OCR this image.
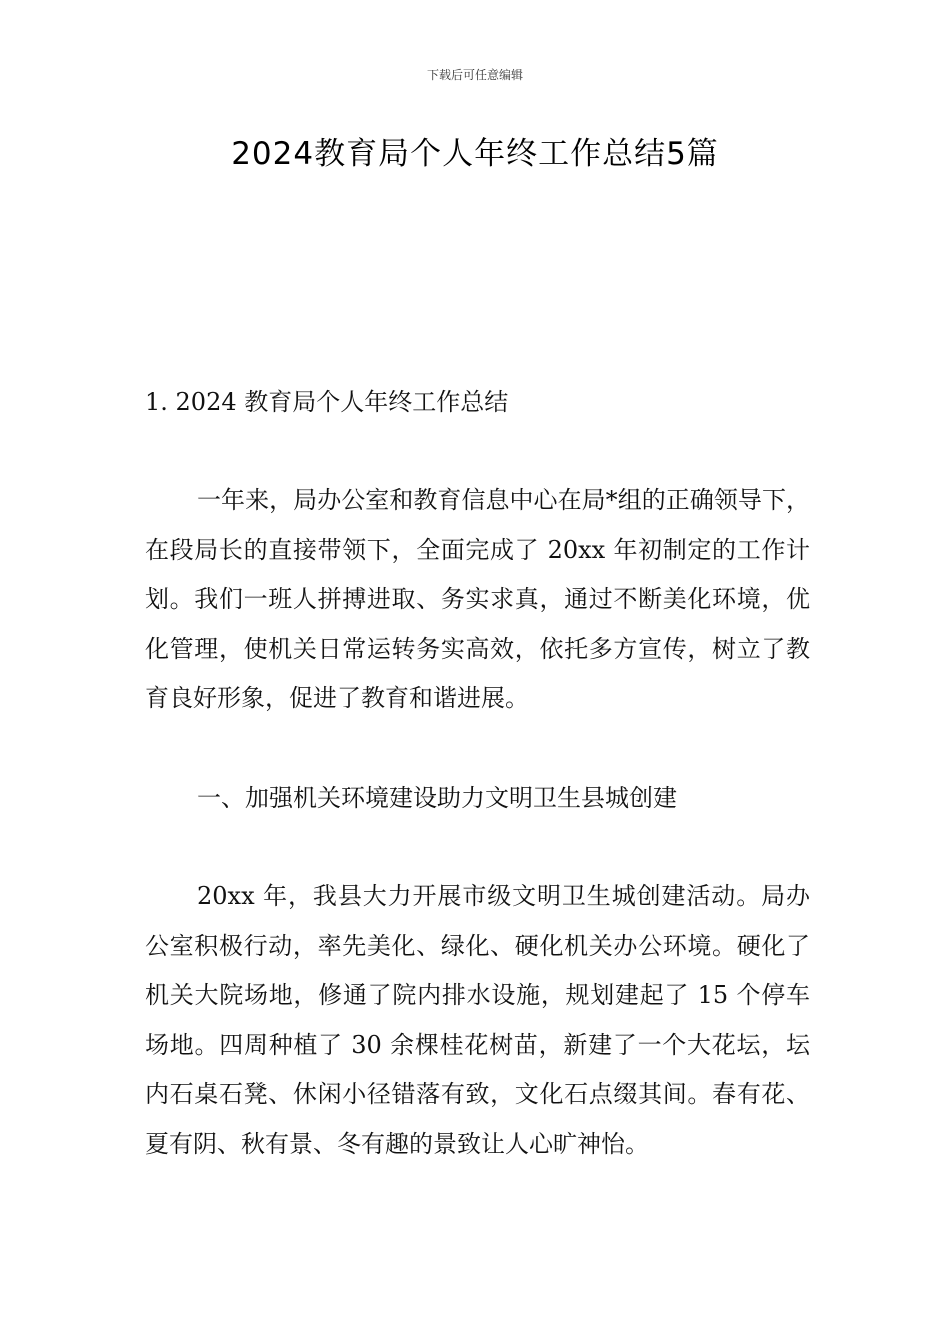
下载后可任意编辑
2024教育局个人年终工作总结5篇
1. 2024 教育局个人年终工作总结

一年来，局办公室和教育信息中心在局*组的正确领导下，在段局长的直接带领下，全面完成了 20xx 年初制定的工作计划。我们一班人拼搏进取、务实求真，通过不断美化环境，优化管理，使机关日常运转务实高效，依托多方宣传，树立了教育良好形象，促进了教育和谐进展。

一、加强机关环境建设助力文明卫生县城创建

20xx 年，我县大力开展市级文明卫生城创建活动。局办公室积极行动，率先美化、绿化、硬化机关办公环境。硬化了机关大院场地，修通了院内排水设施，规划建起了 15 个停车场地。四周种植了 30 余棵桂花树苗，新建了一个大花坛，坛内石桌石凳、休闲小径错落有致，文化石点缀其间。春有花、夏有阴、秋有景、冬有趣的景致让人心旷神怡。
